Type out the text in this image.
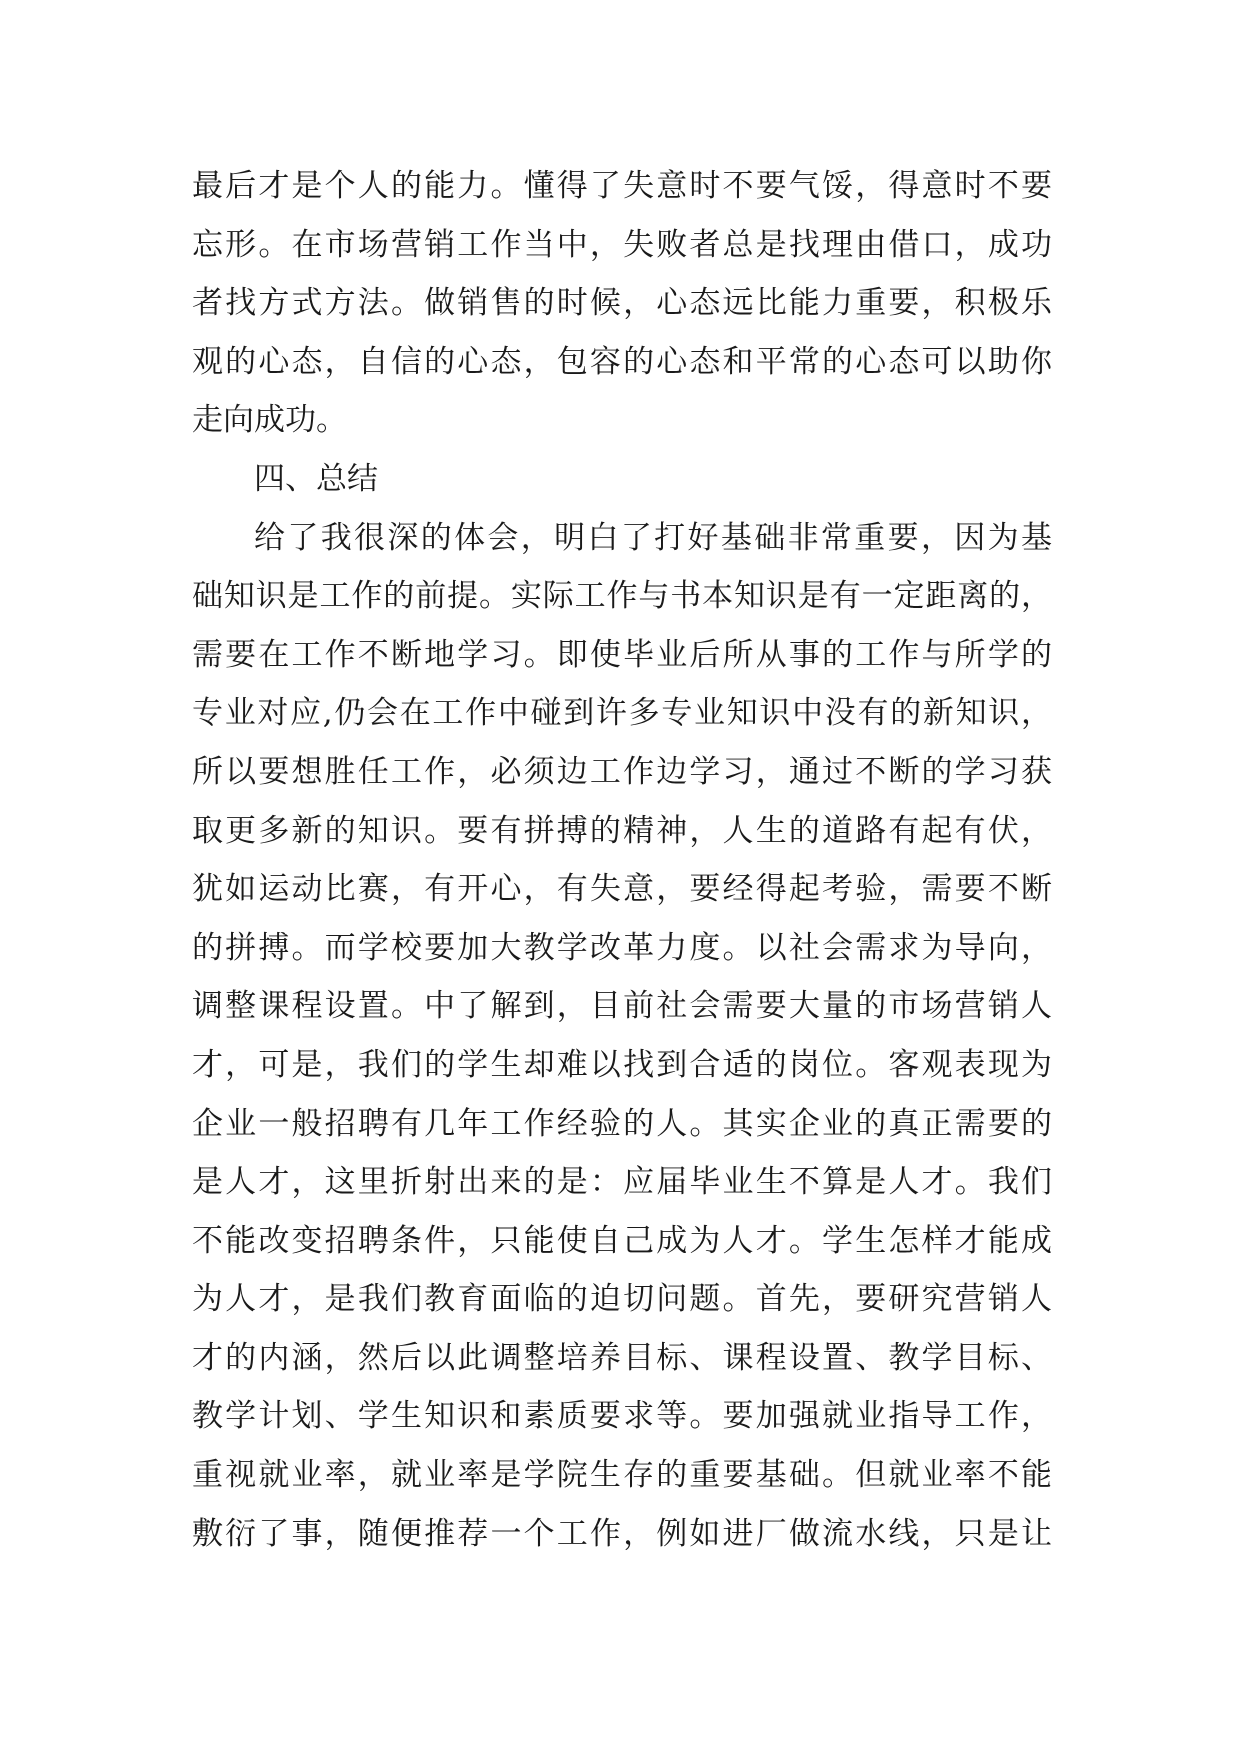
最后才是个人的能力。懂得了失意时不要气馁，得意时不要
忘形。在市场营销工作当中，失败者总是找理由借口，成功
者找方式方法。做销售的时候，心态远比能力重要，积极乐
观的心态，自信的心态，包容的心态和平常的心态可以助你
走向成功。
四、总结
给了我很深的体会，明白了打好基础非常重要，因为基
础知识是工作的前提。实际工作与书本知识是有一定距离的，
需要在工作不断地学习。即使毕业后所从事的工作与所学的
专业对应,仍会在工作中碰到许多专业知识中没有的新知识，
所以要想胜任工作，必须边工作边学习，通过不断的学习获
取更多新的知识。要有拼搏的精神，人生的道路有起有伏，
犹如运动比赛，有开心，有失意，要经得起考验，需要不断
的拼搏。而学校要加大教学改革力度。以社会需求为导向，
调整课程设置。中了解到，目前社会需要大量的市场营销人
才，可是，我们的学生却难以找到合适的岗位。客观表现为
企业一般招聘有几年工作经验的人。其实企业的真正需要的
是人才，这里折射出来的是：应届毕业生不算是人才。我们
不能改变招聘条件，只能使自己成为人才。学生怎样才能成
为人才，是我们教育面临的迫切问题。首先，要研究营销人
才的内涵，然后以此调整培养目标、课程设置、教学目标、
教学计划、学生知识和素质要求等。要加强就业指导工作，
重视就业率，就业率是学院生存的重要基础。但就业率不能
敷衍了事，随便推荐一个工作，例如进厂做流水线，只是让
